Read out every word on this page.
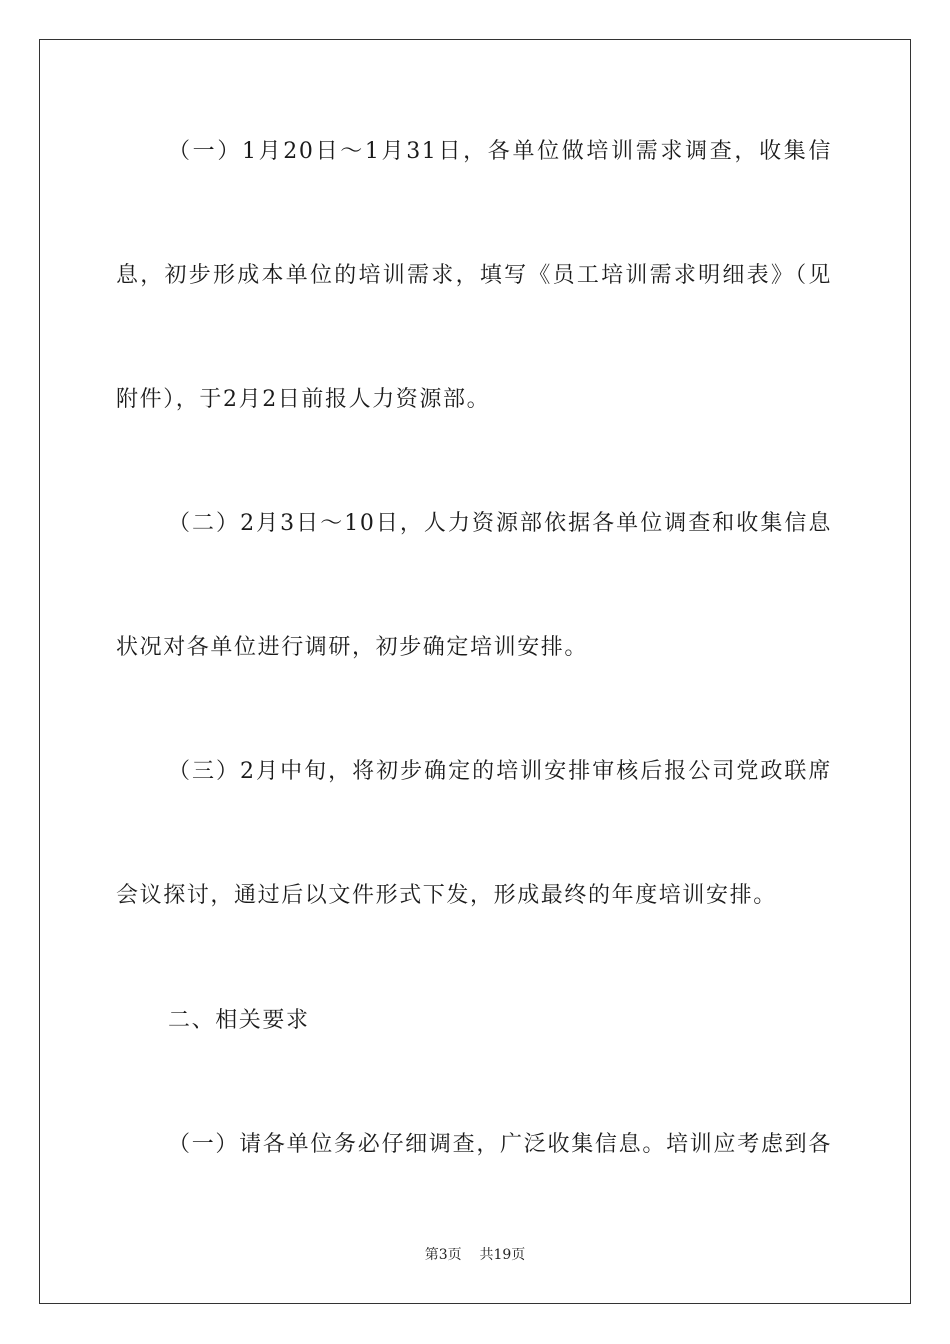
（一）1月20日～1月31日，各单位做培训需求调查，收集信
息，初步形成本单位的培训需求，填写《员工培训需求明细表》（见
附件），于2月2日前报人力资源部。
（二）2月3日～10日，人力资源部依据各单位调查和收集信息
状况对各单位进行调研，初步确定培训安排。
（三）2月中旬，将初步确定的培训安排审核后报公司党政联席
会议探讨，通过后以文件形式下发，形成最终的年度培训安排。
二、相关要求
（一）请各单位务必仔细调查，广泛收集信息。培训应考虑到各
第3页    共19页
